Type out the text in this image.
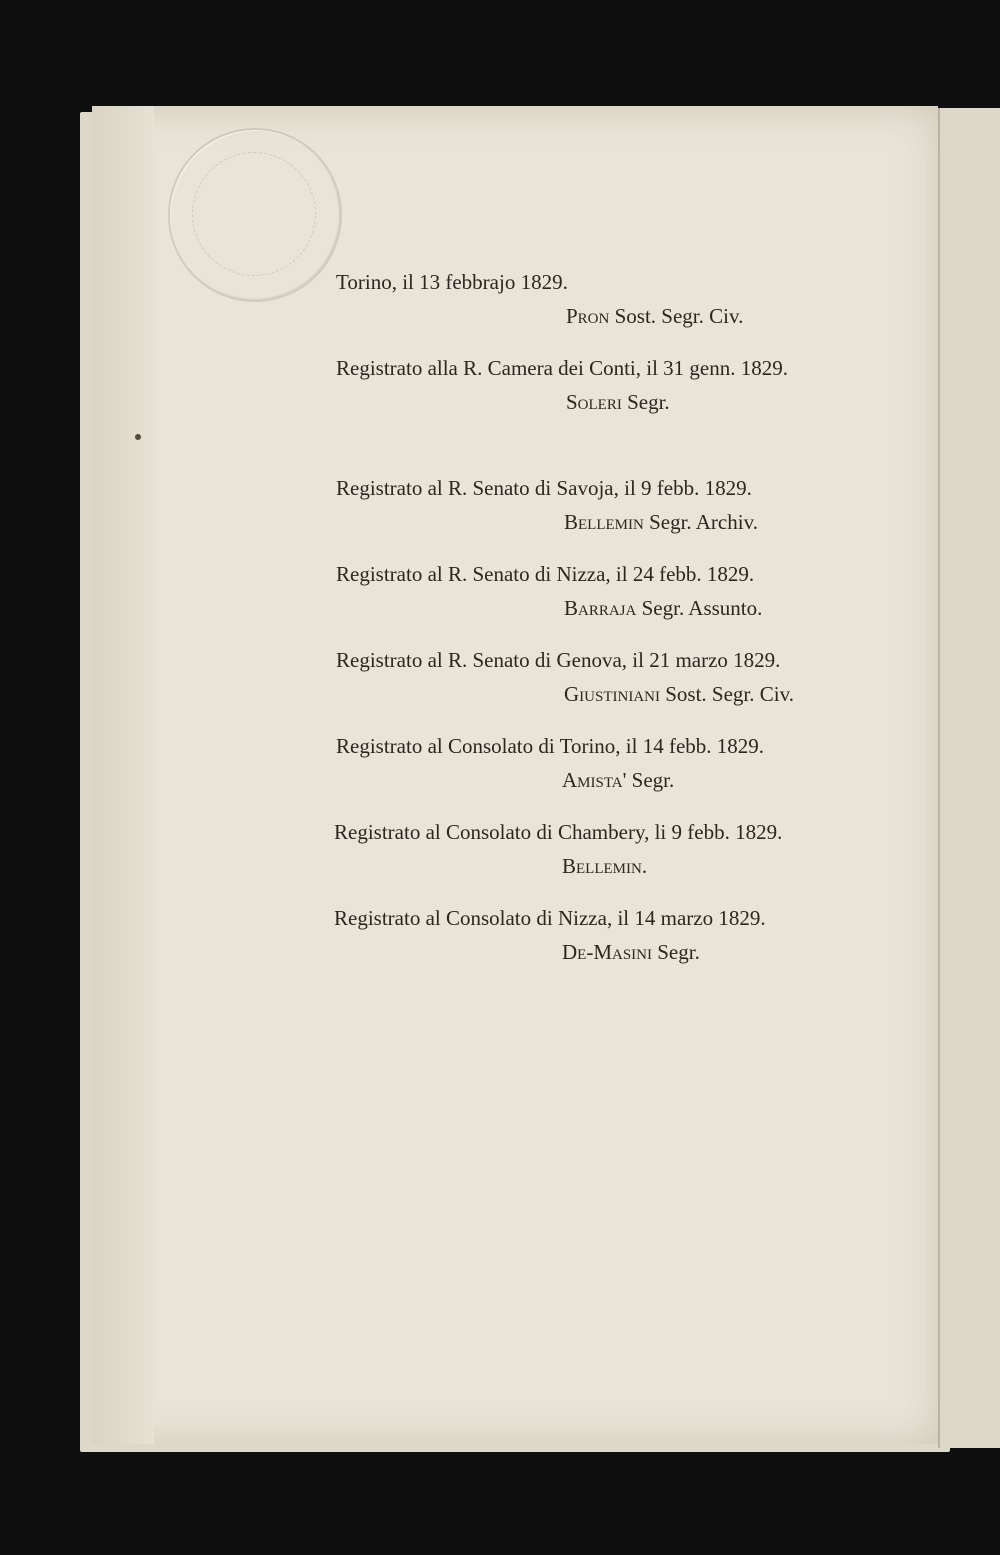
Torino, il 13 febbrajo 1829.
Pron Sost. Segr. Civ.
Registrato alla R. Camera dei Conti, il 31 genn. 1829.
Soleri Segr.
Registrato al R. Senato di Savoja, il 9 febb. 1829.
Bellemin Segr. Archiv.
Registrato al R. Senato di Nizza, il 24 febb. 1829.
Barraja Segr. Assunto.
Registrato al R. Senato di Genova, il 21 marzo 1829.
Giustiniani Sost. Segr. Civ.
Registrato al Consolato di Torino, il 14 febb. 1829.
Amista' Segr.
Registrato al Consolato di Chambery, li 9 febb. 1829.
Bellemin.
Registrato al Consolato di Nizza, il 14 marzo 1829.
De-Masini Segr.
